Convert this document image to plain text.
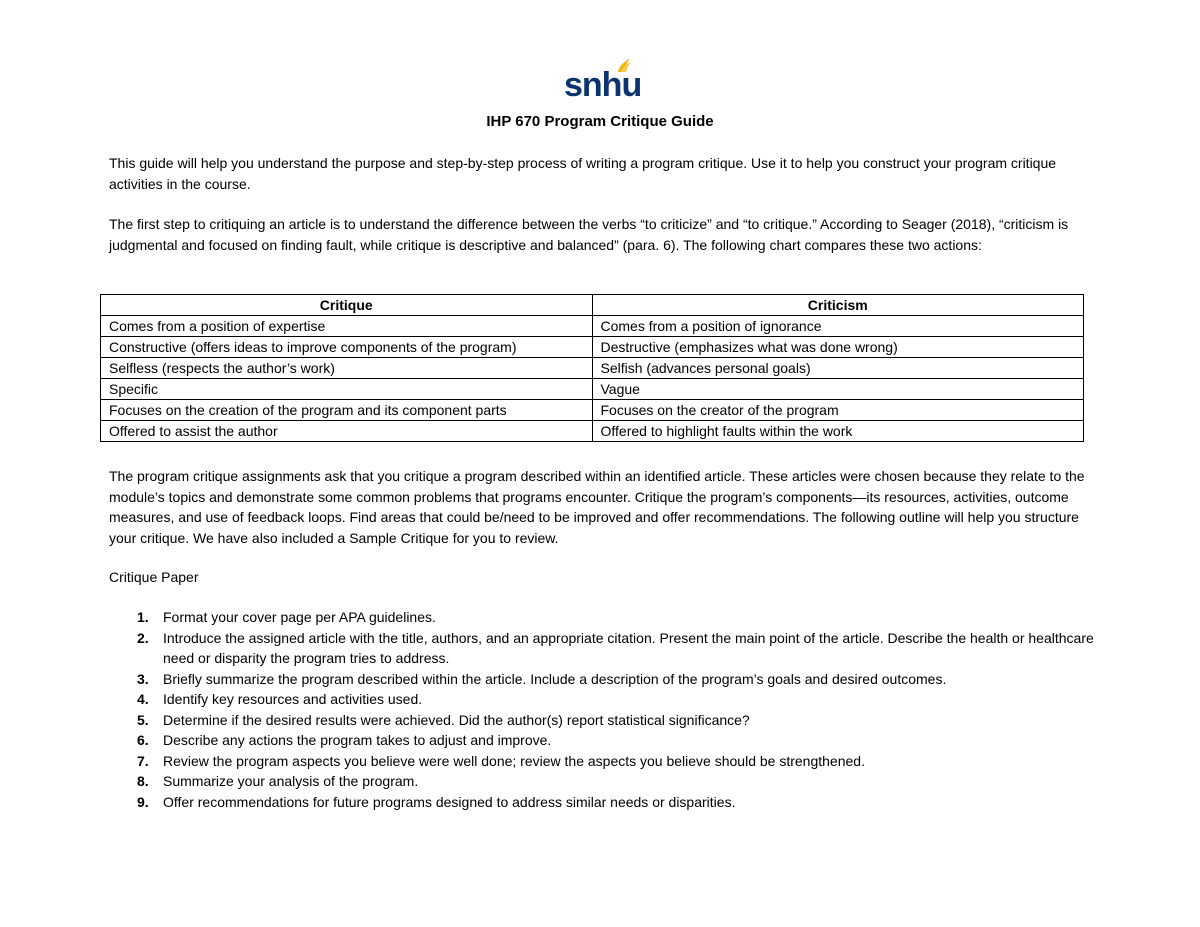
snhu
IHP 670 Program Critique Guide
This guide will help you understand the purpose and step-by-step process of writing a program critique. Use it to help you construct your program critique activities in the course.
The first step to critiquing an article is to understand the difference between the verbs “to criticize” and “to critique.” According to Seager (2018), “criticism is judgmental and focused on finding fault, while critique is descriptive and balanced” (para. 6). The following chart compares these two actions:
Critique	Criticism
Comes from a position of expertise	Comes from a position of ignorance
Constructive (offers ideas to improve components of the program)	Destructive (emphasizes what was done wrong)
Selfless (respects the author’s work)	Selfish (advances personal goals)
Specific	Vague
Focuses on the creation of the program and its component parts	Focuses on the creator of the program
Offered to assist the author	Offered to highlight faults within the work
The program critique assignments ask that you critique a program described within an identified article. These articles were chosen because they relate to the module’s topics and demonstrate some common problems that programs encounter. Critique the program’s components—its resources, activities, outcome measures, and use of feedback loops. Find areas that could be/need to be improved and offer recommendations. The following outline will help you structure your critique. We have also included a Sample Critique for you to review.
Critique Paper
1. Format your cover page per APA guidelines.
2. Introduce the assigned article with the title, authors, and an appropriate citation. Present the main point of the article. Describe the health or healthcare need or disparity the program tries to address.
3. Briefly summarize the program described within the article. Include a description of the program’s goals and desired outcomes.
4. Identify key resources and activities used.
5. Determine if the desired results were achieved. Did the author(s) report statistical significance?
6. Describe any actions the program takes to adjust and improve.
7. Review the program aspects you believe were well done; review the aspects you believe should be strengthened.
8. Summarize your analysis of the program.
9. Offer recommendations for future programs designed to address similar needs or disparities.
